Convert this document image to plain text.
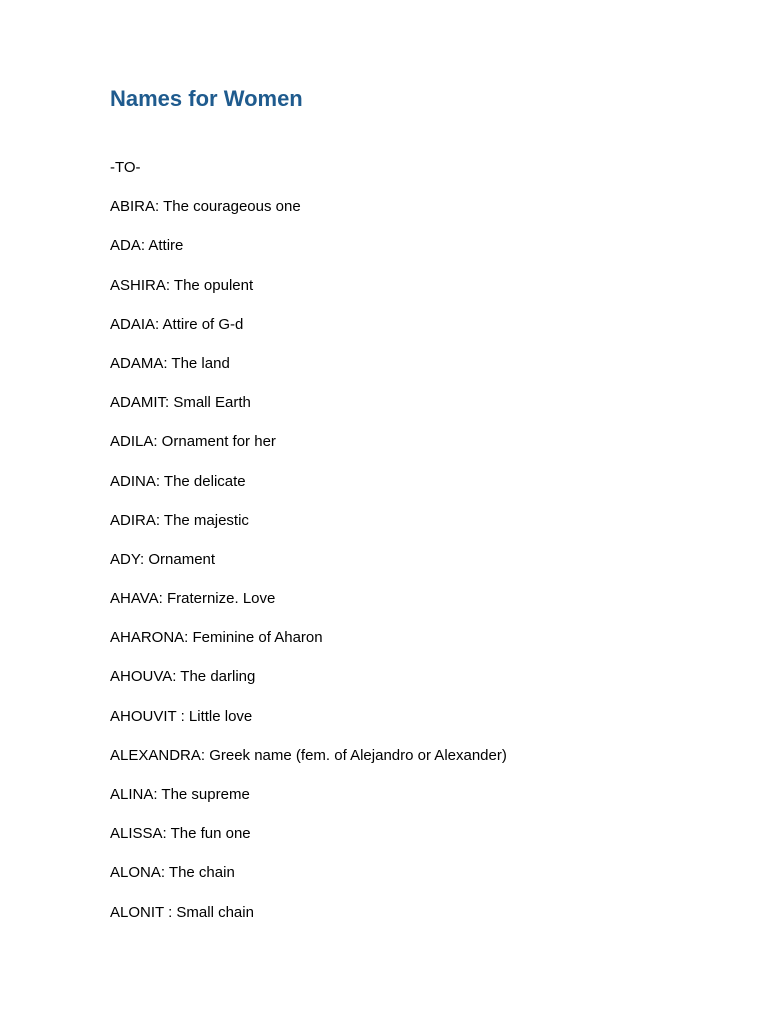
Names for Women
-TO-
ABIRA: The courageous one
ADA: Attire
ASHIRA: The opulent
ADAIA: Attire of G-d
ADAMA: The land
ADAMIT: Small Earth
ADILA: Ornament for her
ADINA: The delicate
ADIRA: The majestic
ADY: Ornament
AHAVA: Fraternize. Love
AHARONA: Feminine of Aharon
AHOUVA: The darling
AHOUVIT : Little love
ALEXANDRA: Greek name (fem. of Alejandro or Alexander)
ALINA: The supreme
ALISSA: The fun one
ALONA: The chain
ALONIT : Small chain
